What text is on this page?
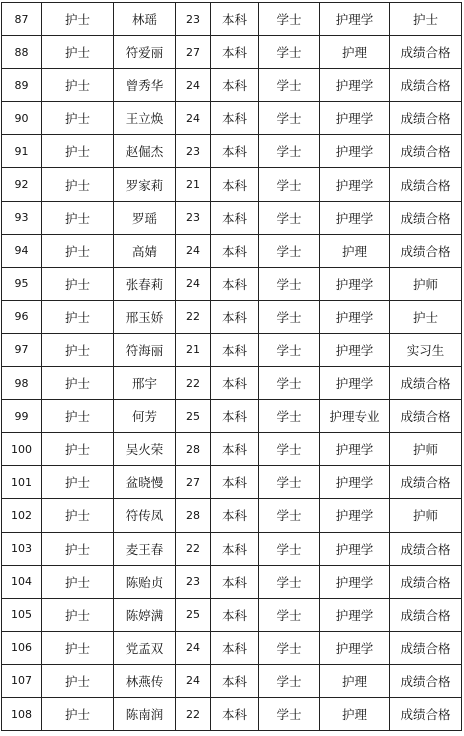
87	护士	林瑶	23	本科	学士	护理学	护士
88	护士	符爱丽	27	本科	学士	护理	成绩合格
89	护士	曾秀华	24	本科	学士	护理学	成绩合格
90	护士	王立焕	24	本科	学士	护理学	成绩合格
91	护士	赵倔杰	23	本科	学士	护理学	成绩合格
92	护士	罗家莉	21	本科	学士	护理学	成绩合格
93	护士	罗瑶	23	本科	学士	护理学	成绩合格
94	护士	高婧	24	本科	学士	护理	成绩合格
95	护士	张春莉	24	本科	学士	护理学	护师
96	护士	邢玉娇	22	本科	学士	护理学	护士
97	护士	符海丽	21	本科	学士	护理学	实习生
98	护士	邢宇	22	本科	学士	护理学	成绩合格
99	护士	何芳	25	本科	学士	护理专业	成绩合格
100	护士	吴火荣	28	本科	学士	护理学	护师
101	护士	盆晓慢	27	本科	学士	护理学	成绩合格
102	护士	符传凤	28	本科	学士	护理学	护师
103	护士	麦王春	22	本科	学士	护理学	成绩合格
104	护士	陈贻贞	23	本科	学士	护理学	成绩合格
105	护士	陈婷满	25	本科	学士	护理学	成绩合格
106	护士	党孟双	24	本科	学士	护理学	成绩合格
107	护士	林燕传	24	本科	学士	护理	成绩合格
108	护士	陈南润	22	本科	学士	护理	成绩合格
